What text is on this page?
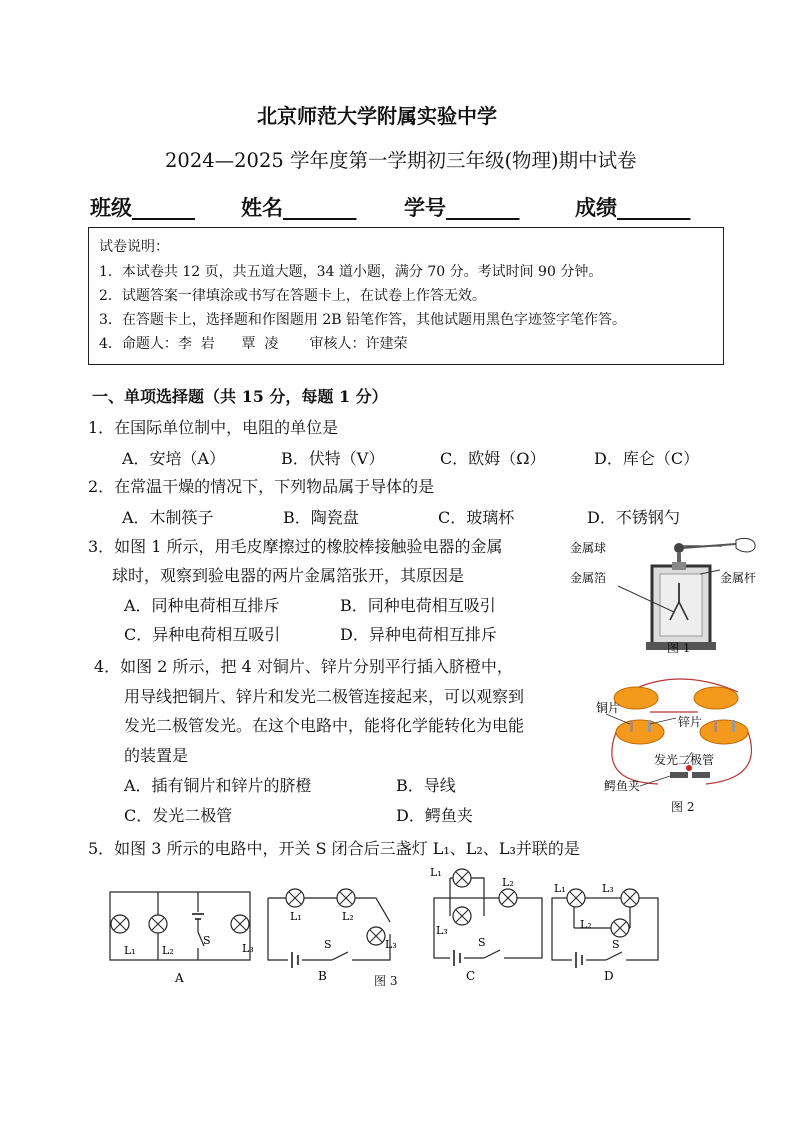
北京师范大学附属实验中学
2024—2025 学年度第一学期初三年级(物理)期中试卷
班级______ 姓名_______ 学号_______	成绩_______
试卷说明：
1．本试卷共 12 页，共五道大题，34 道小题，满分 70 分。考试时间 90 分钟。
2．试题答案一律填涂或书写在答题卡上，在试卷上作答无效。
3．在答题卡上，选择题和作图题用 2B 铅笔作答，其他试题用黑色字迹签字笔作答。
4．命题人：李  岩      覃  凌       审核人：许建荣
一、单项选择题（共 15 分，每题 1 分）
1．在国际单位制中，电阻的单位是
A．安培（A）	B．伏特（V）	C．欧姆（Ω）	D．库仑（C）
2．在常温干燥的情况下，下列物品属于导体的是
A．木制筷子	B．陶瓷盘	C．玻璃杯	D．不锈钢勺
3．如图 1 所示，用毛皮摩擦过的橡胶棒接触验电器的金属
球时，观察到验电器的两片金属箔张开，其原因是
A．同种电荷相互排斥	B．同种电荷相互吸引
C．异种电荷相互吸引	D．异种电荷相互排斥
金属球
金属箔	金属杆
图 1
4．如图 2 所示，把 4 对铜片、锌片分别平行插入脐橙中，
用导线把铜片、锌片和发光二极管连接起来，可以观察到
发光二极管发光。在这个电路中，能将化学能转化为电能
的装置是
A．插有铜片和锌片的脐橙	B．导线
C．发光二极管	D．鳄鱼夹
铜片
锌片
发光二极管
鳄鱼夹
图 2
5．如图 3 所示的电路中，开关 S 闭合后三盏灯 L₁、L₂、L₃并联的是
L₁ L₂
S
L₃
A
L₁	L₂
L₃
S
B
L₁
L₂
L₃
S
C
L₁	L₃
L₂
S
D
图 3
